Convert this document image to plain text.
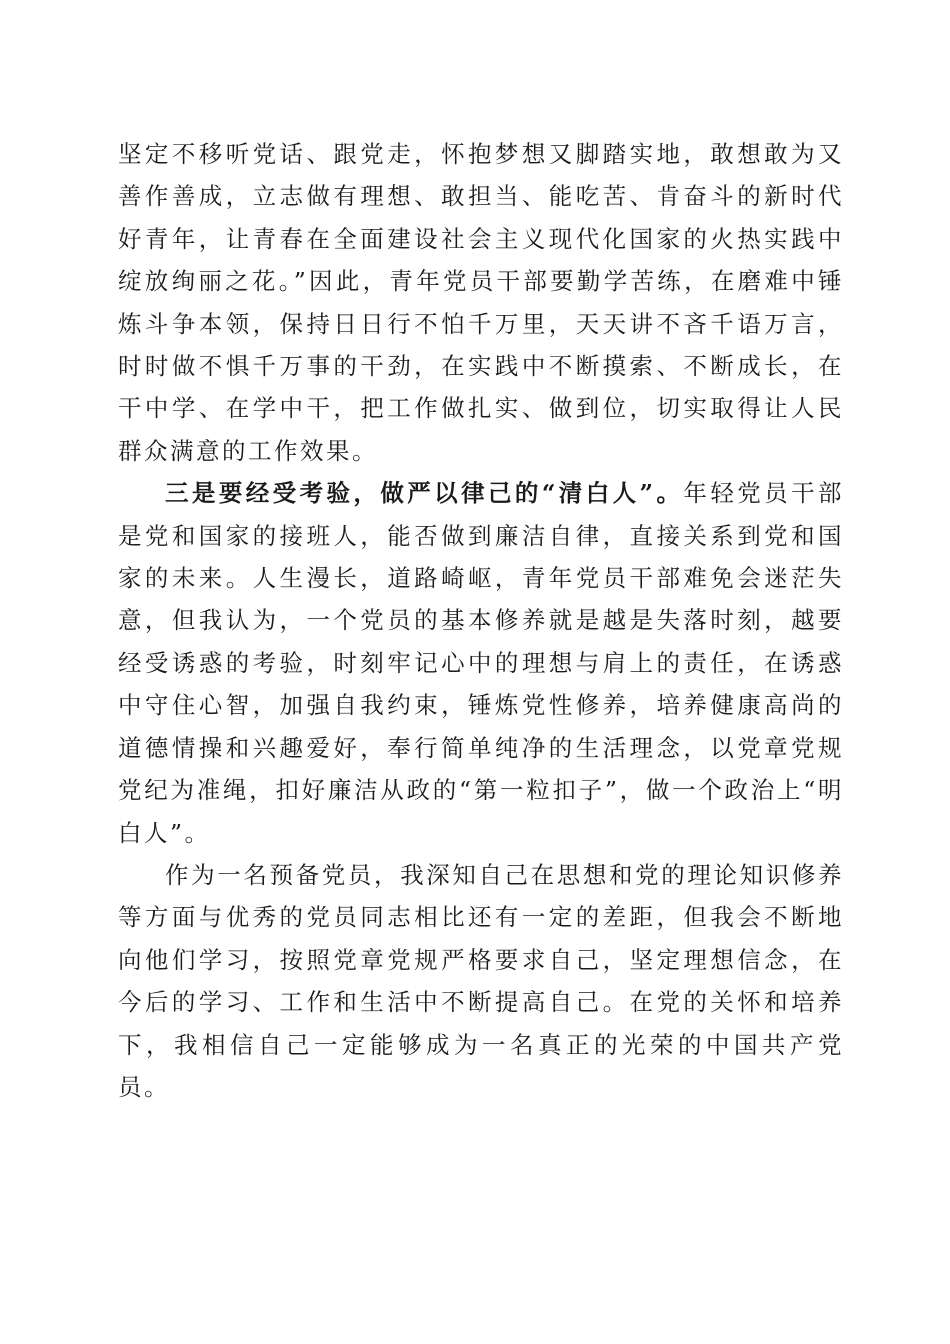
坚定不移听党话、跟党走，怀抱梦想又脚踏实地，敢想敢为又善作善成，立志做有理想、敢担当、能吃苦、肯奋斗的新时代好青年，让青春在全面建设社会主义现代化国家的火热实践中绽放绚丽之花。”因此，青年党员干部要勤学苦练，在磨难中锤炼斗争本领，保持日日行不怕千万里，天天讲不吝千语万言，时时做不惧千万事的干劲，在实践中不断摸索、不断成长，在干中学、在学中干，把工作做扎实、做到位，切实取得让人民群众满意的工作效果。

三是要经受考验，做严以律己的“清白人”。年轻党员干部是党和国家的接班人，能否做到廉洁自律，直接关系到党和国家的未来。人生漫长，道路崎岖，青年党员干部难免会迷茫失意，但我认为，一个党员的基本修养就是越是失落时刻，越要经受诱惑的考验，时刻牢记心中的理想与肩上的责任，在诱惑中守住心智，加强自我约束，锤炼党性修养，培养健康高尚的道德情操和兴趣爱好，奉行简单纯净的生活理念，以党章党规党纪为准绳，扣好廉洁从政的“第一粒扣子”，做一个政治上“明白人”。

作为一名预备党员，我深知自己在思想和党的理论知识修养等方面与优秀的党员同志相比还有一定的差距，但我会不断地向他们学习，按照党章党规严格要求自己，坚定理想信念，在今后的学习、工作和生活中不断提高自己。在党的关怀和培养下，我相信自己一定能够成为一名真正的光荣的中国共产党员。
